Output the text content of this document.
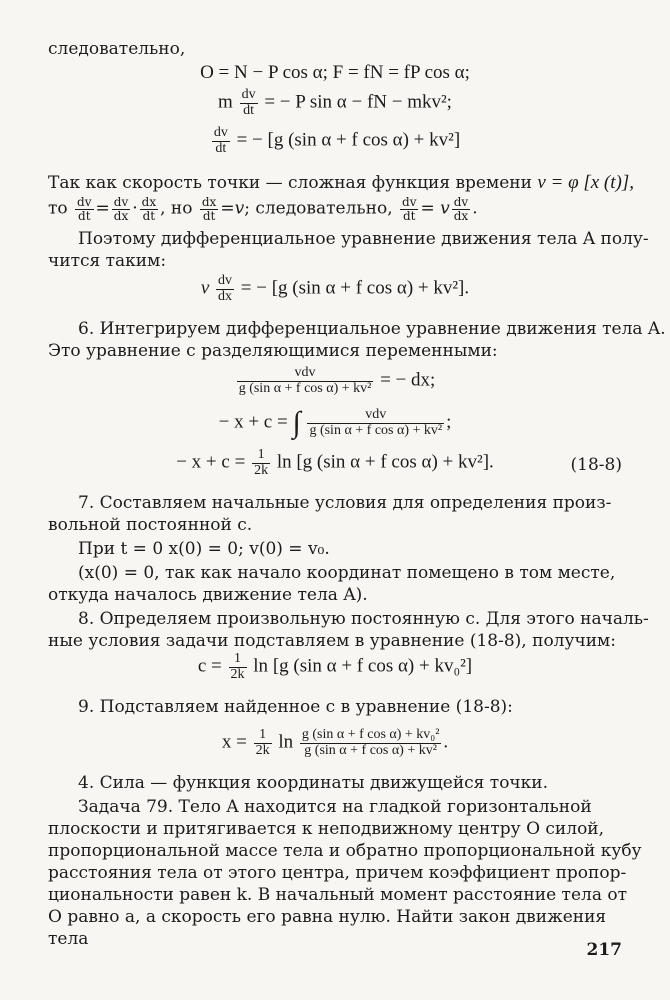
следовательно,
O = N − P cos α; F = fN = fP cos α;
m $\frac{dv}{dt}$ = − P sin α − fN − mkv²;
$\frac{dv}{dt}$ = − [g (sin α + f cos α) + kv²]
Так как скорость точки — сложная функция времени v = φ [x (t)],
то $\frac{dv}{dt} = \frac{dv}{dx} \cdot \frac{dx}{dt}$ , но $\frac{dx}{dt} =v$; следовательно, $\frac{dv}{dt} = v \frac{dv}{dx}$ .
Поэтому дифференциальное уравнение движения тела A полу-
чится таким:
v $\frac{dv}{dx}$ = − [g (sin α + f cos α) + kv²].
6. Интегрируем дифференциальное уравнение движения тела A.
Это уравнение с разделяющимися переменными:
$\frac{\text{vdv}}{\text{g (sin α + f cos α) + kv²}}$ = − dx;
− x + c = ∫ $\frac{\text{vdv}}{\text{g (sin α + f cos α) + kv²}}$ ;
− $x + c = \frac{1}{2k}$ ln [g (sin α + f cos α) + kv²].	(18-8)
7. Составляем начальные условия для определения произ-
вольной постоянной c.
При t = 0 x(0) = 0; v(0) = v₀.
(x(0) = 0, так как начало координат помещено в том месте,
откуда началось движение тела A).
8. Определяем произвольную постоянную c. Для этого началь-
ные условия задачи подставляем в уравнение (18-8), получим:
$c = \frac{1}{2k}$ ln [g (sin α + f cos α) + kv₀²]
9. Подставляем найденное c в уравнение (18-8):
$x = \frac{1}{2k}$ $\ln \frac{\text{g (sin α + f cos α) + kv₀²}}{\text{g (sin α + f cos α) + kv²}}$ .
4. Сила — функция координаты движущейся точки.
Задача 79. Тело A находится на гладкой горизонтальной
плоскости и притягивается к неподвижному центру O силой,
пропорциональной массе тела и обратно пропорциональной кубу
расстояния тела от этого центра, причем коэффициент пропор-
циональности равен k. В начальный момент расстояние тела от
O равно a, а скорость его равна нулю. Найти закон движения
тела
217
